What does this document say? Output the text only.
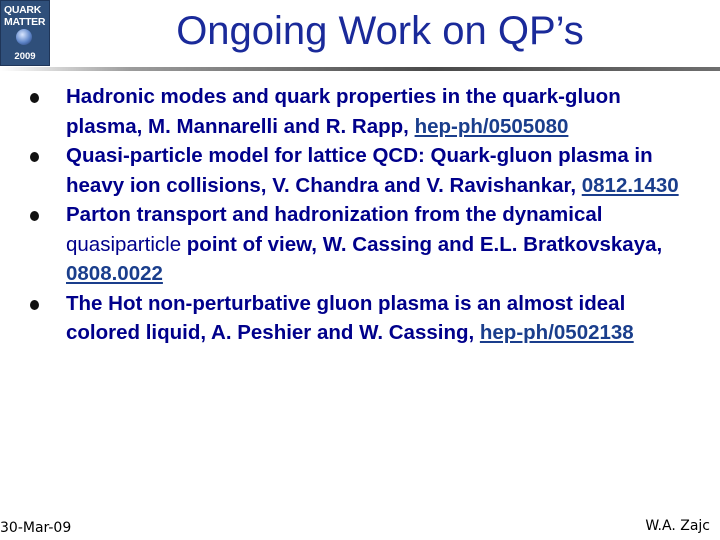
QUARK
MATTER
2009
Ongoing Work on QP’s
Hadronic modes and quark properties in the quark-gluon plasma, M. Mannarelli and R. Rapp, hep-ph/0505080
Quasi-particle model for lattice QCD: Quark-gluon plasma in heavy ion collisions, V. Chandra and V. Ravishankar, 0812.1430
Parton transport and hadronization from the dynamical quasiparticle point of view, W. Cassing and E.L. Bratkovskaya, 0808.0022
The Hot non-perturbative gluon plasma is an almost ideal colored liquid, A. Peshier and W. Cassing, hep-ph/0502138
30-Mar-09	W.A. Zajc
